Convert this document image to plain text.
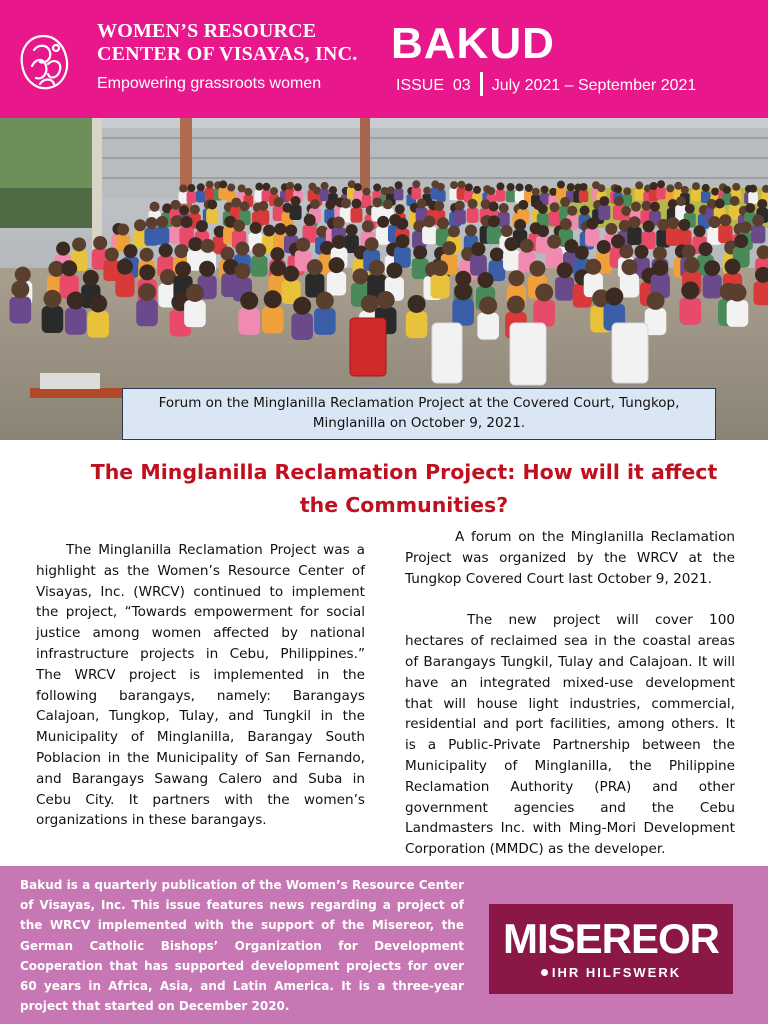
WOMEN’S RESOURCE
CENTER OF VISAYAS, INC.
Empowering grassroots women
BAKUD
ISSUE  03 July 2021 – September 2021
Forum on the Minglanilla Reclamation Project at the Covered Court, Tungkop, Minglanilla on October 9, 2021.
The Minglanilla Reclamation Project: How will it affect the Communities?
The Minglanilla Reclamation Project was a highlight as the Women’s Resource Center of Visayas, Inc. (WRCV) continued to implement the project, “Towards empowerment for social justice among women affected by national infrastructure projects in Cebu, Philippines.” The WRCV project is implemented in the following barangays, namely: Barangays Calajoan, Tungkop, Tulay, and Tungkil in the Municipality of Minglanilla, Barangay South Poblacion in the Municipality of San Fernando, and Barangays Sawang Calero and Suba in Cebu City. It partners with the women’s organizations in these barangays.

A forum on the Minglanilla Reclamation Project was organized by the WRCV at the Tungkop Covered Court last October 9, 2021.

The new project will cover 100 hectares of reclaimed sea in the coastal areas of Barangays Tungkil, Tulay and Calajoan. It will have an integrated mixed-use development that will house light industries, commercial, residential and port facilities, among others. It is a Public-Private Partnership between the Municipality of Minglanilla, the Philippine Reclamation Authority (PRA) and other government agencies and the Cebu Landmasters Inc. with Ming-Mori Development Corporation (MMDC) as the developer.

Bakud is a quarterly publication of the Women’s Resource Center of Visayas, Inc. This issue features news regarding a project of the WRCV implemented with the support of the Misereor, the German Catholic Bishops’ Organization for Development Cooperation that has supported development projects for over 60 years in Africa, Asia, and Latin America. It is a three-year project that started on December 2020.
MISEREOR
IHR HILFSWERK
